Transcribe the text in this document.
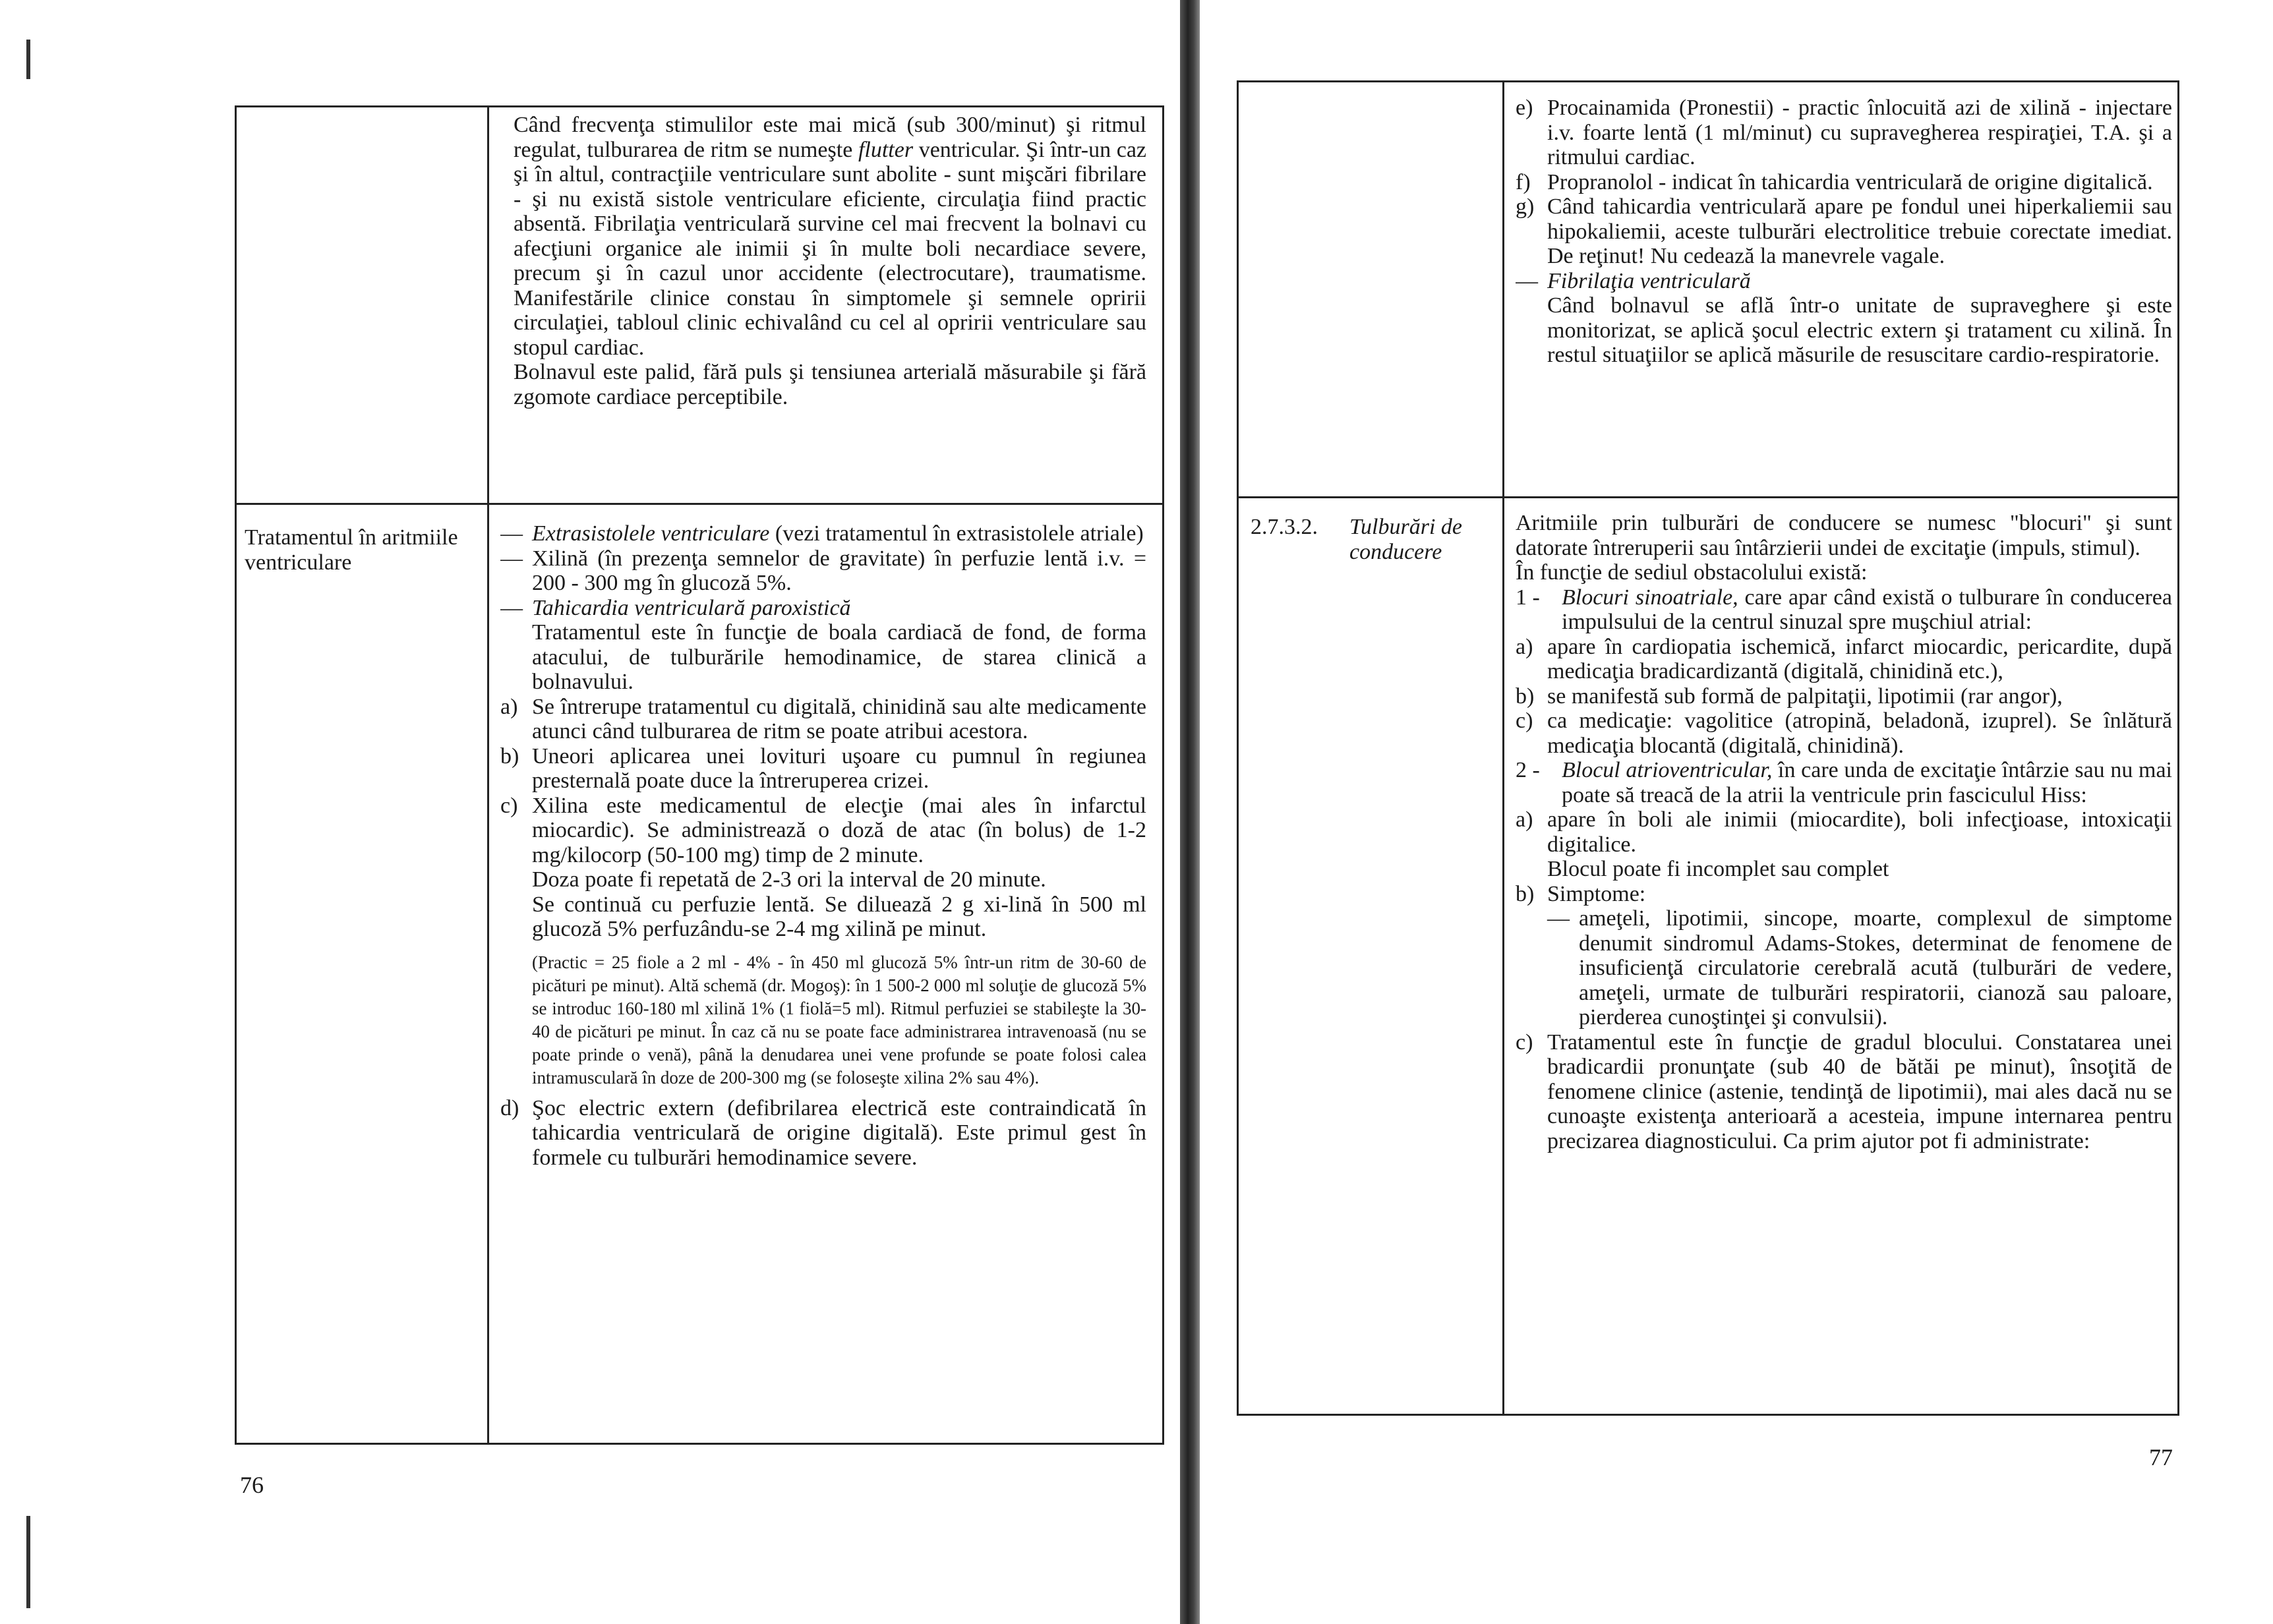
Când frecvenţa stimulilor este mai mică (sub 300/minut) şi ritmul regulat, tulburarea de ritm se numeşte flutter ventricular. Şi într-un caz şi în altul, contracţiile ventriculare sunt abolite - sunt mişcări fibrilare - şi nu există sistole ventriculare eficiente, circulaţia fiind practic absentă. Fibrilaţia ventriculară survine cel mai frecvent la bolnavi cu afecţiuni organice ale inimii şi în multe boli necardiace severe, precum şi în cazul unor accidente (electrocutare), traumatisme. Manifestările clinice constau în simptomele şi semnele opririi circulaţiei, tabloul clinic echivalând cu cel al opririi ventriculare sau stopul cardiac.

Bolnavul este palid, fără puls şi tensiunea arterială măsurabile şi fără zgomote cardiace perceptibile.

Tratamentul în aritmiile ventriculare
— Extrasistolele ventriculare (vezi tratamentul în extrasistolele atriale)
— Xilină (în prezenţa semnelor de gravitate) în perfuzie lentă i.v. = 200 - 300 mg în glucoză 5%.
— Tahicardia ventriculară paroxistică

Tratamentul este în funcţie de boala cardiacă de fond, de forma atacului, de tulburările hemodinamice, de starea clinică a bolnavului.

a) Se întrerupe tratamentul cu digitală, chinidină sau alte medicamente atunci când tulburarea de ritm se poate atribui acestora.
b) Uneori aplicarea unei lovituri uşoare cu pumnul în regiunea presternală poate duce la întreruperea crizei.
c) Xilina este medicamentul de elecţie (mai ales în infarctul miocardic). Se administrează o doză de atac (în bolus) de 1-2 mg/kilocorp (50-100 mg) timp de 2 minute.

Doza poate fi repetată de 2-3 ori la interval de 20 minute.

Se continuă cu perfuzie lentă. Se diluează 2 g xi-lină în 500 ml glucoză 5% perfuzându-se 2-4 mg xilină pe minut.

(Practic = 25 fiole a 2 ml - 4% - în 450 ml glucoză 5% într-un ritm de 30-60 de picături pe minut). Altă schemă (dr. Mogoş): în 1 500-2 000 ml soluţie de glucoză 5% se introduc 160-180 ml xilină 1% (1 fiolă=5 ml). Ritmul perfuziei se stabileşte la 30-40 de picături pe minut. În caz că nu se poate face administrarea intravenoasă (nu se poate prinde o venă), până la denudarea unei vene profunde se poate folosi calea intramusculară în doze de 200-300 mg (se foloseşte xilina 2% sau 4%).

d) Şoc electric extern (defibrilarea electrică este contraindicată în tahicardia ventriculară de origine digitală). Este primul gest în formele cu tulburări hemodinamice severe.
76
e) Procainamida (Pronestii) - practic înlocuită azi de xilină - injectare i.v. foarte lentă (1 ml/minut) cu supravegherea respiraţiei, T.A. şi a ritmului cardiac.
f) Propranolol - indicat în tahicardia ventriculară de origine digitalică.
g) Când tahicardia ventriculară apare pe fondul unei hiperkaliemii sau hipokaliemii, aceste tulburări electrolitice trebuie corectate imediat. De reţinut! Nu cedează la manevrele vagale.
— Fibrilaţia ventriculară

Când bolnavul se află într-o unitate de supraveghere şi este monitorizat, se aplică şocul electric extern şi tratament cu xilină. În restul situaţiilor se aplică măsurile de resuscitare cardio-respiratorie.

2.7.3.2.	Tulburări de conducere

Aritmiile prin tulburări de conducere se numesc "blocuri" şi sunt datorate întreruperii sau întârzierii undei de excitaţie (impuls, stimul).

În funcţie de sediul obstacolului există:

1 - Blocuri sinoatriale, care apar când există o tulburare în conducerea impulsului de la centrul sinuzal spre muşchiul atrial:
a) apare în cardiopatia ischemică, infarct miocardic, pericardite, după medicaţia bradicardizantă (digitală, chinidină etc.),
b) se manifestă sub formă de palpitaţii, lipotimii (rar angor),
c) ca medicaţie: vagolitice (atropină, beladonă, izuprel). Se înlătură medicaţia blocantă (digitală, chinidină).
2 - Blocul atrioventricular, în care unda de excitaţie întârzie sau nu mai poate să treacă de la atrii la ventricule prin fasciculul Hiss:
a) apare în boli ale inimii (miocardite), boli infecţioase, intoxicaţii digitalice.

Blocul poate fi incomplet sau complet

b) Simptome:
— ameţeli, lipotimii, sincope, moarte, complexul de simptome denumit sindromul Adams-Stokes, determinat de fenomene de insuficienţă circulatorie cerebrală acută (tulburări de vedere, ameţeli, urmate de tulburări respiratorii, cianoză sau paloare, pierderea cunoştinţei şi convulsii).
c) Tratamentul este în funcţie de gradul blocului. Constatarea unei bradicardii pronunţate (sub 40 de bătăi pe minut), însoţită de fenomene clinice (astenie, tendinţă de lipotimii), mai ales dacă nu se cunoaşte existenţa anterioară a acesteia, impune internarea pentru precizarea diagnosticului. Ca prim ajutor pot fi administrate:
77
